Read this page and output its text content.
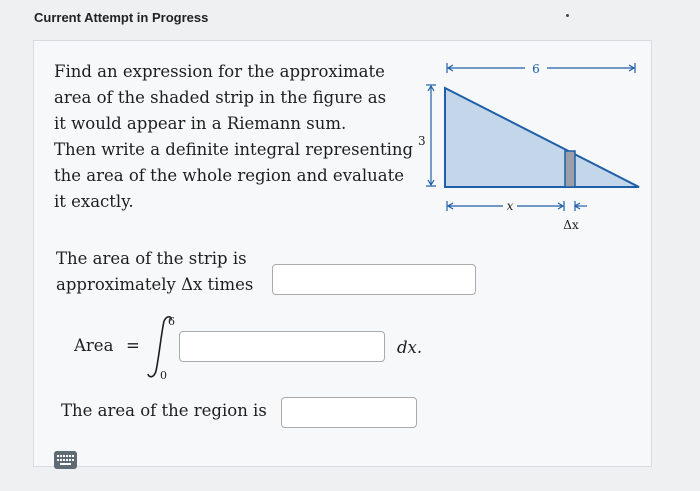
Current Attempt in Progress
Find an expression for the approximate
area of the shaded strip in the figure as
it would appear in a Riemann sum.
Then write a definite integral representing
the area of the whole region and evaluate
it exactly.
6
3
x
Δx
The area of the strip is
approximately Δx times
Area =
6
0
dx.
The area of the region is
